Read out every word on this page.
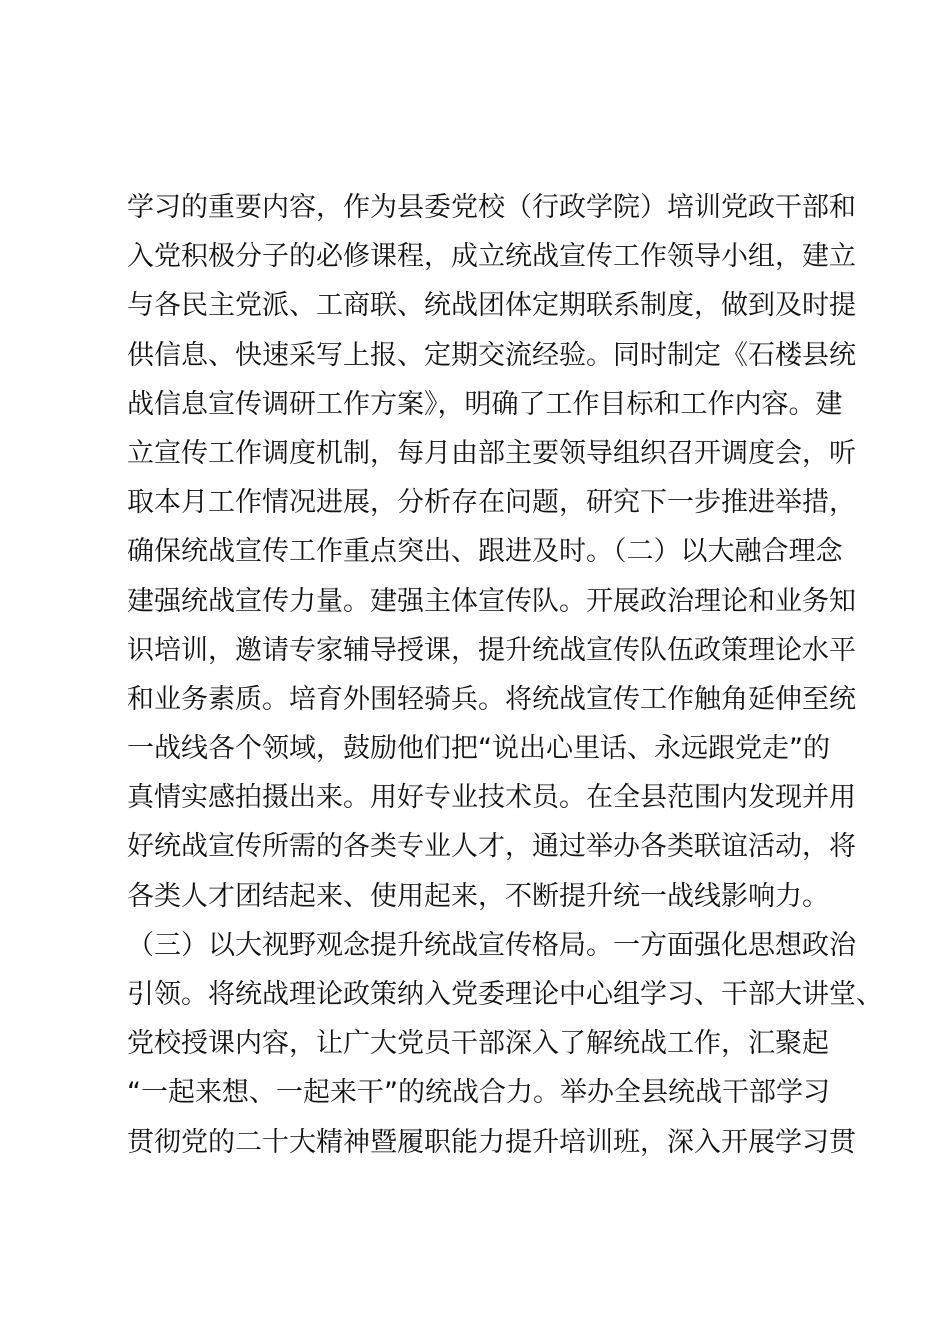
学习的重要内容，作为县委党校（行政学院）培训党政干部和
入党积极分子的必修课程，成立统战宣传工作领导小组，建立
与各民主党派、工商联、统战团体定期联系制度，做到及时提
供信息、快速采写上报、定期交流经验。同时制定《石楼县统
战信息宣传调研工作方案》，明确了工作目标和工作内容。建
立宣传工作调度机制，每月由部主要领导组织召开调度会，听
取本月工作情况进展，分析存在问题，研究下一步推进举措，
确保统战宣传工作重点突出、跟进及时。（二）以大融合理念
建强统战宣传力量。建强主体宣传队。开展政治理论和业务知
识培训，邀请专家辅导授课，提升统战宣传队伍政策理论水平
和业务素质。培育外围轻骑兵。将统战宣传工作触角延伸至统
一战线各个领域，鼓励他们把“说出心里话、永远跟党走”的
真情实感拍摄出来。用好专业技术员。在全县范围内发现并用
好统战宣传所需的各类专业人才，通过举办各类联谊活动，将
各类人才团结起来、使用起来，不断提升统一战线影响力。
（三）以大视野观念提升统战宣传格局。一方面强化思想政治
引领。将统战理论政策纳入党委理论中心组学习、干部大讲堂、
党校授课内容，让广大党员干部深入了解统战工作，汇聚起
“一起来想、一起来干”的统战合力。举办全县统战干部学习
贯彻党的二十大精神暨履职能力提升培训班，深入开展学习贯
